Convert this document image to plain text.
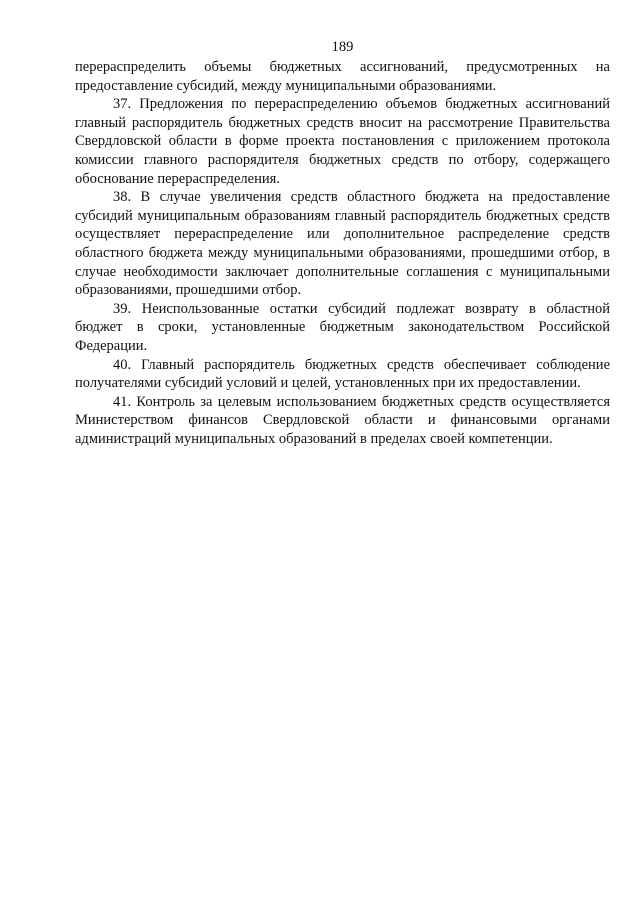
189

перераспределить объемы бюджетных ассигнований, предусмотренных на предоставление субсидий, между муниципальными образованиями.

37. Предложения по перераспределению объемов бюджетных ассигнований главный распорядитель бюджетных средств вносит на рассмотрение Правительства Свердловской области в форме проекта постановления с приложением протокола комиссии главного распорядителя бюджетных средств по отбору, содержащего обоснование перераспределения.

38. В случае увеличения средств областного бюджета на предоставление субсидий муниципальным образованиям главный распорядитель бюджетных средств осуществляет перераспределение или дополнительное распределение средств областного бюджета между муниципальными образованиями, прошедшими отбор, в случае необходимости заключает дополнительные соглашения с муниципальными образованиями, прошедшими отбор.

39. Неиспользованные остатки субсидий подлежат возврату в областной бюджет в сроки, установленные бюджетным законодательством Российской Федерации.

40. Главный распорядитель бюджетных средств обеспечивает соблюдение получателями субсидий условий и целей, установленных при их предоставлении.

41. Контроль за целевым использованием бюджетных средств осуществляется Министерством финансов Свердловской области и финансовыми органами администраций муниципальных образований в пределах своей компетенции.
